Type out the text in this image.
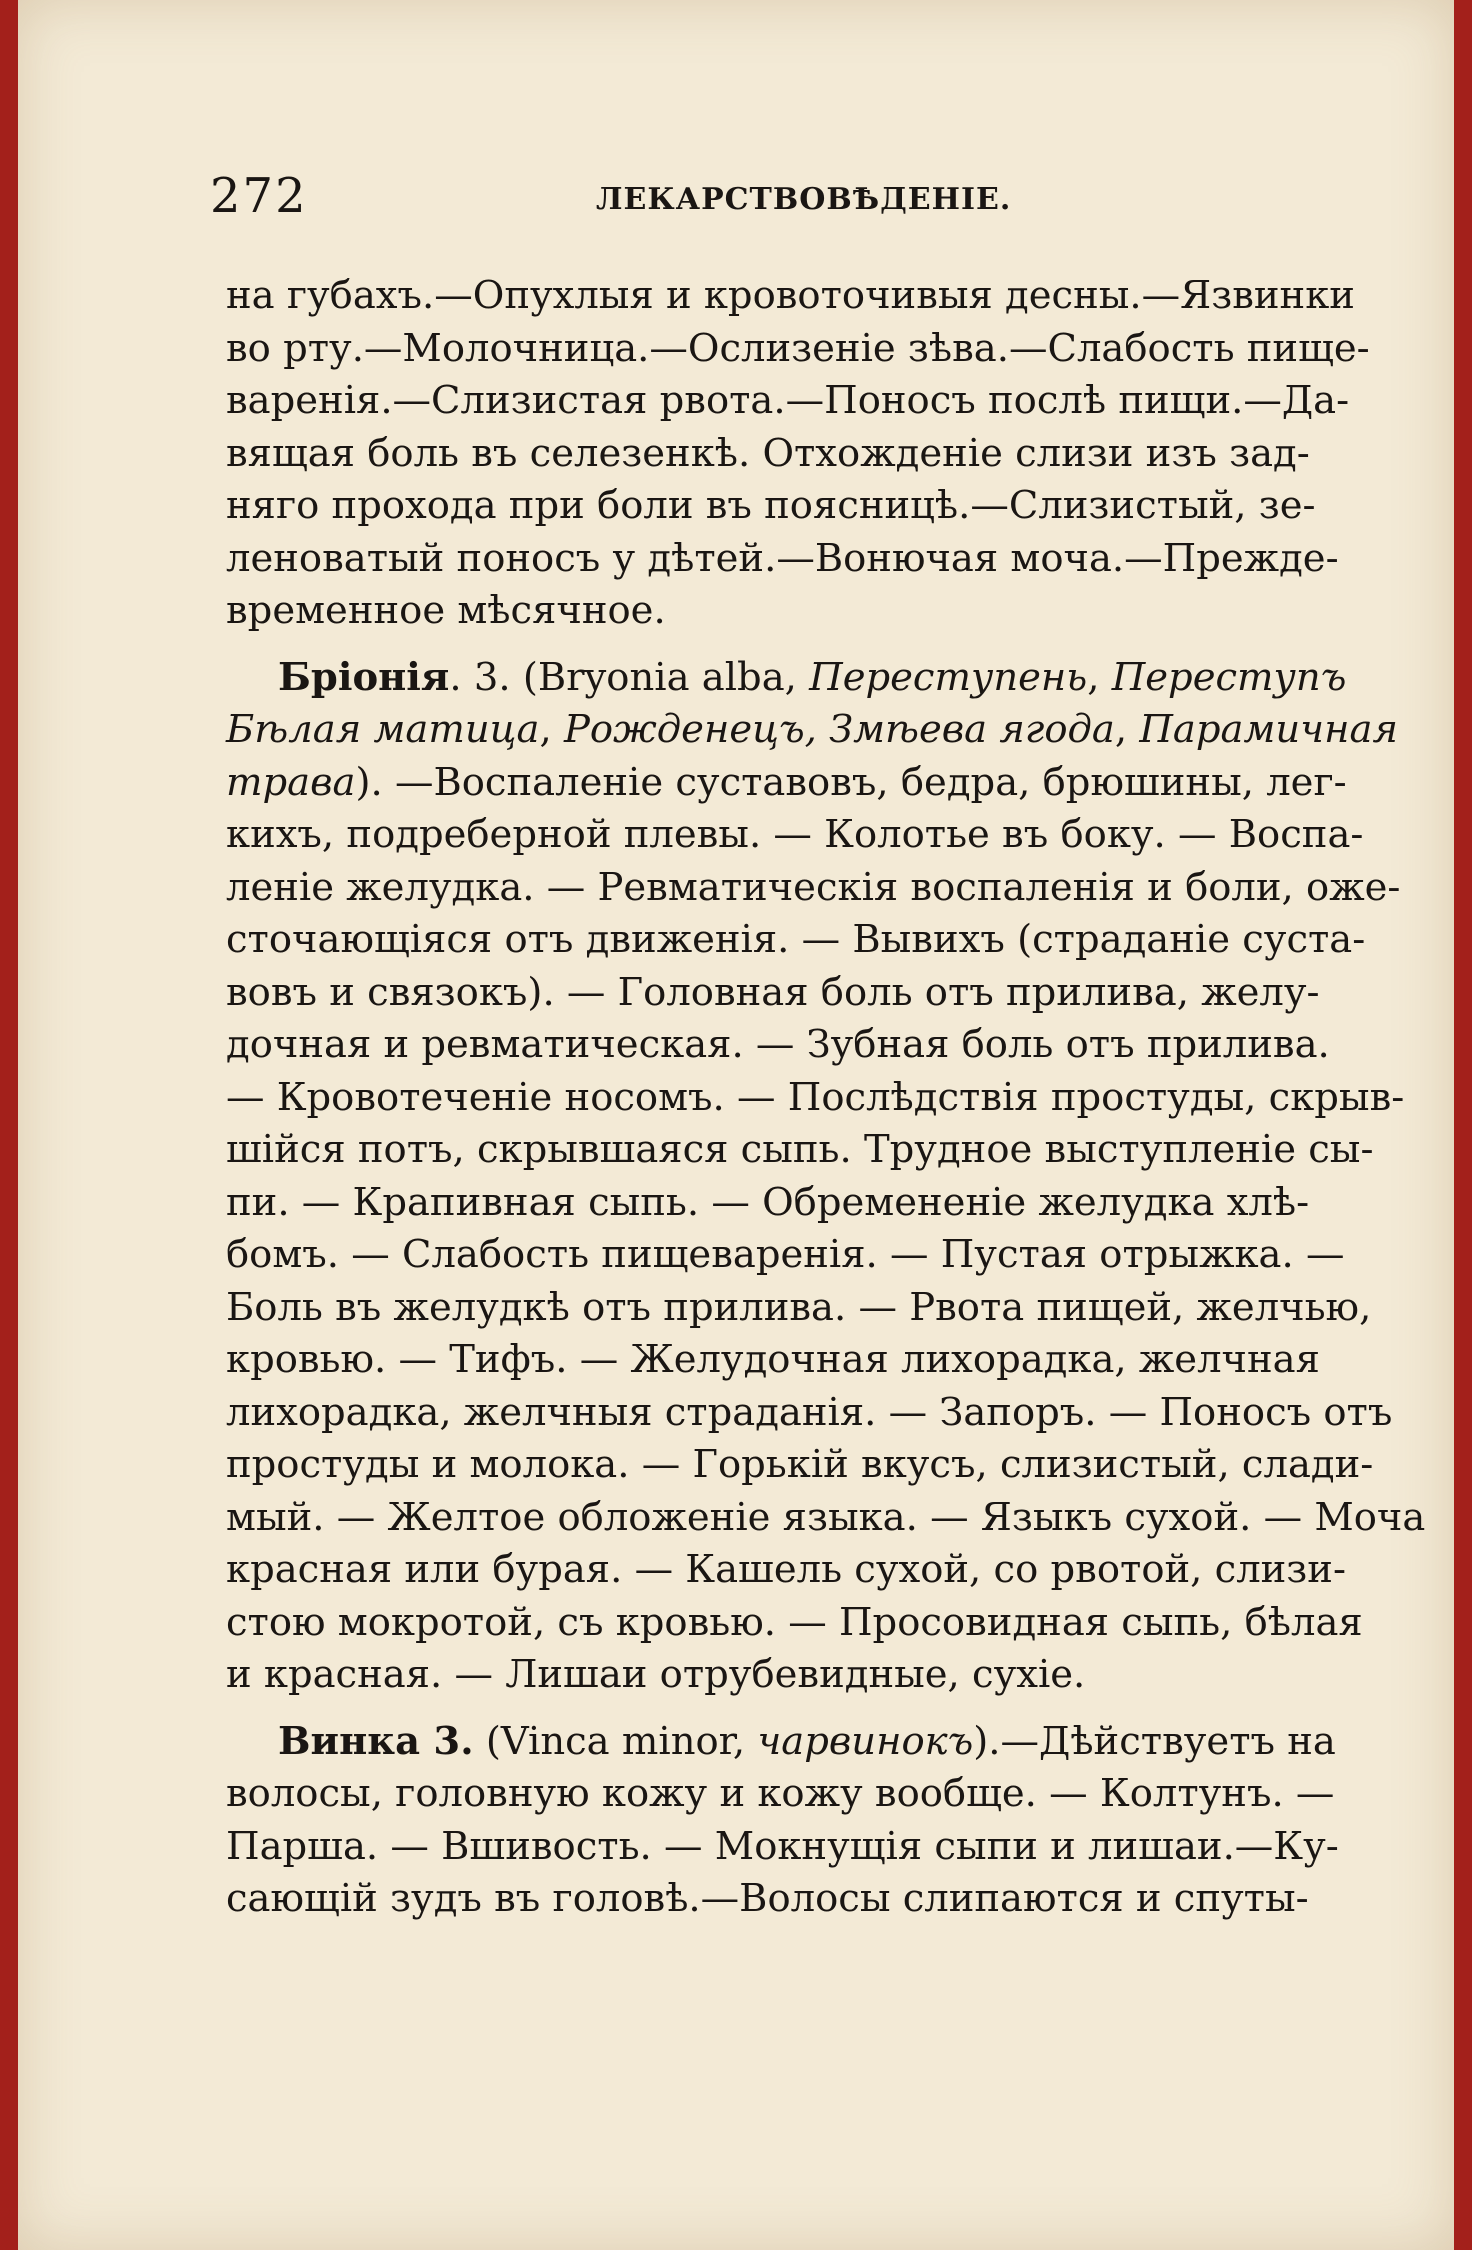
272	ЛЕКАРСТВОВѢДЕНІЕ.
на губахъ.—Опухлыя и кровоточивыя десны.—Язвинки
во рту.—Молочница.—Ослизеніе зѣва.—Слабость пище-
варенія.—Слизистая рвота.—Поносъ послѣ пищи.—Да-
вящая боль въ селезенкѣ. Отхожденіе слизи изъ зад-
няго прохода при боли въ поясницѣ.—Слизистый, зе-
леноватый поносъ у дѣтей.—Вонючая моча.—Прежде-
временное мѣсячное.
Бріонія. 3. (Bryonia alba, Переступень, Переступъ
Бѣлая матица, Рожденецъ, Змѣева ягода, Парамичная
трава). —Воспаленіе суставовъ, бедра, брюшины, лег-
кихъ, подреберной плевы. — Колотье въ боку. — Воспа-
леніе желудка. — Ревматическія воспаленія и боли, оже-
сточающіяся отъ движенія. — Вывихъ (страданіе суста-
вовъ и связокъ). — Головная боль отъ прилива, желу-
дочная и ревматическая. — Зубная боль отъ прилива.
— Кровотеченіе носомъ. — Послѣдствія простуды, скрыв-
шійся потъ, скрывшаяся сыпь. Трудное выступленіе сы-
пи. — Крапивная сыпь. — Обремененіе желудка хлѣ-
бомъ. — Слабость пищеваренія. — Пустая отрыжка. —
Боль въ желудкѣ отъ прилива. — Рвота пищей, желчью,
кровью. — Тифъ. — Желудочная лихорадка, желчная
лихорадка, желчныя страданія. — Запоръ. — Поносъ отъ
простуды и молока. — Горькій вкусъ, слизистый, слади-
мый. — Желтое обложеніе языка. — Языкъ сухой. — Моча
красная или бурая. — Кашель сухой, со рвотой, слизи-
стою мокротой, съ кровью. — Просовидная сыпь, бѣлая
и красная. — Лишаи отрубевидные, сухіе.
Винка 3. (Vinca minor, чарвинокъ).—Дѣйствуетъ на
волосы, головную кожу и кожу вообще. — Колтунъ. —
Парша. — Вшивость. — Мокнущія сыпи и лишаи.—Ку-
сающій зудъ въ головѣ.—Волосы слипаются и спуты-
